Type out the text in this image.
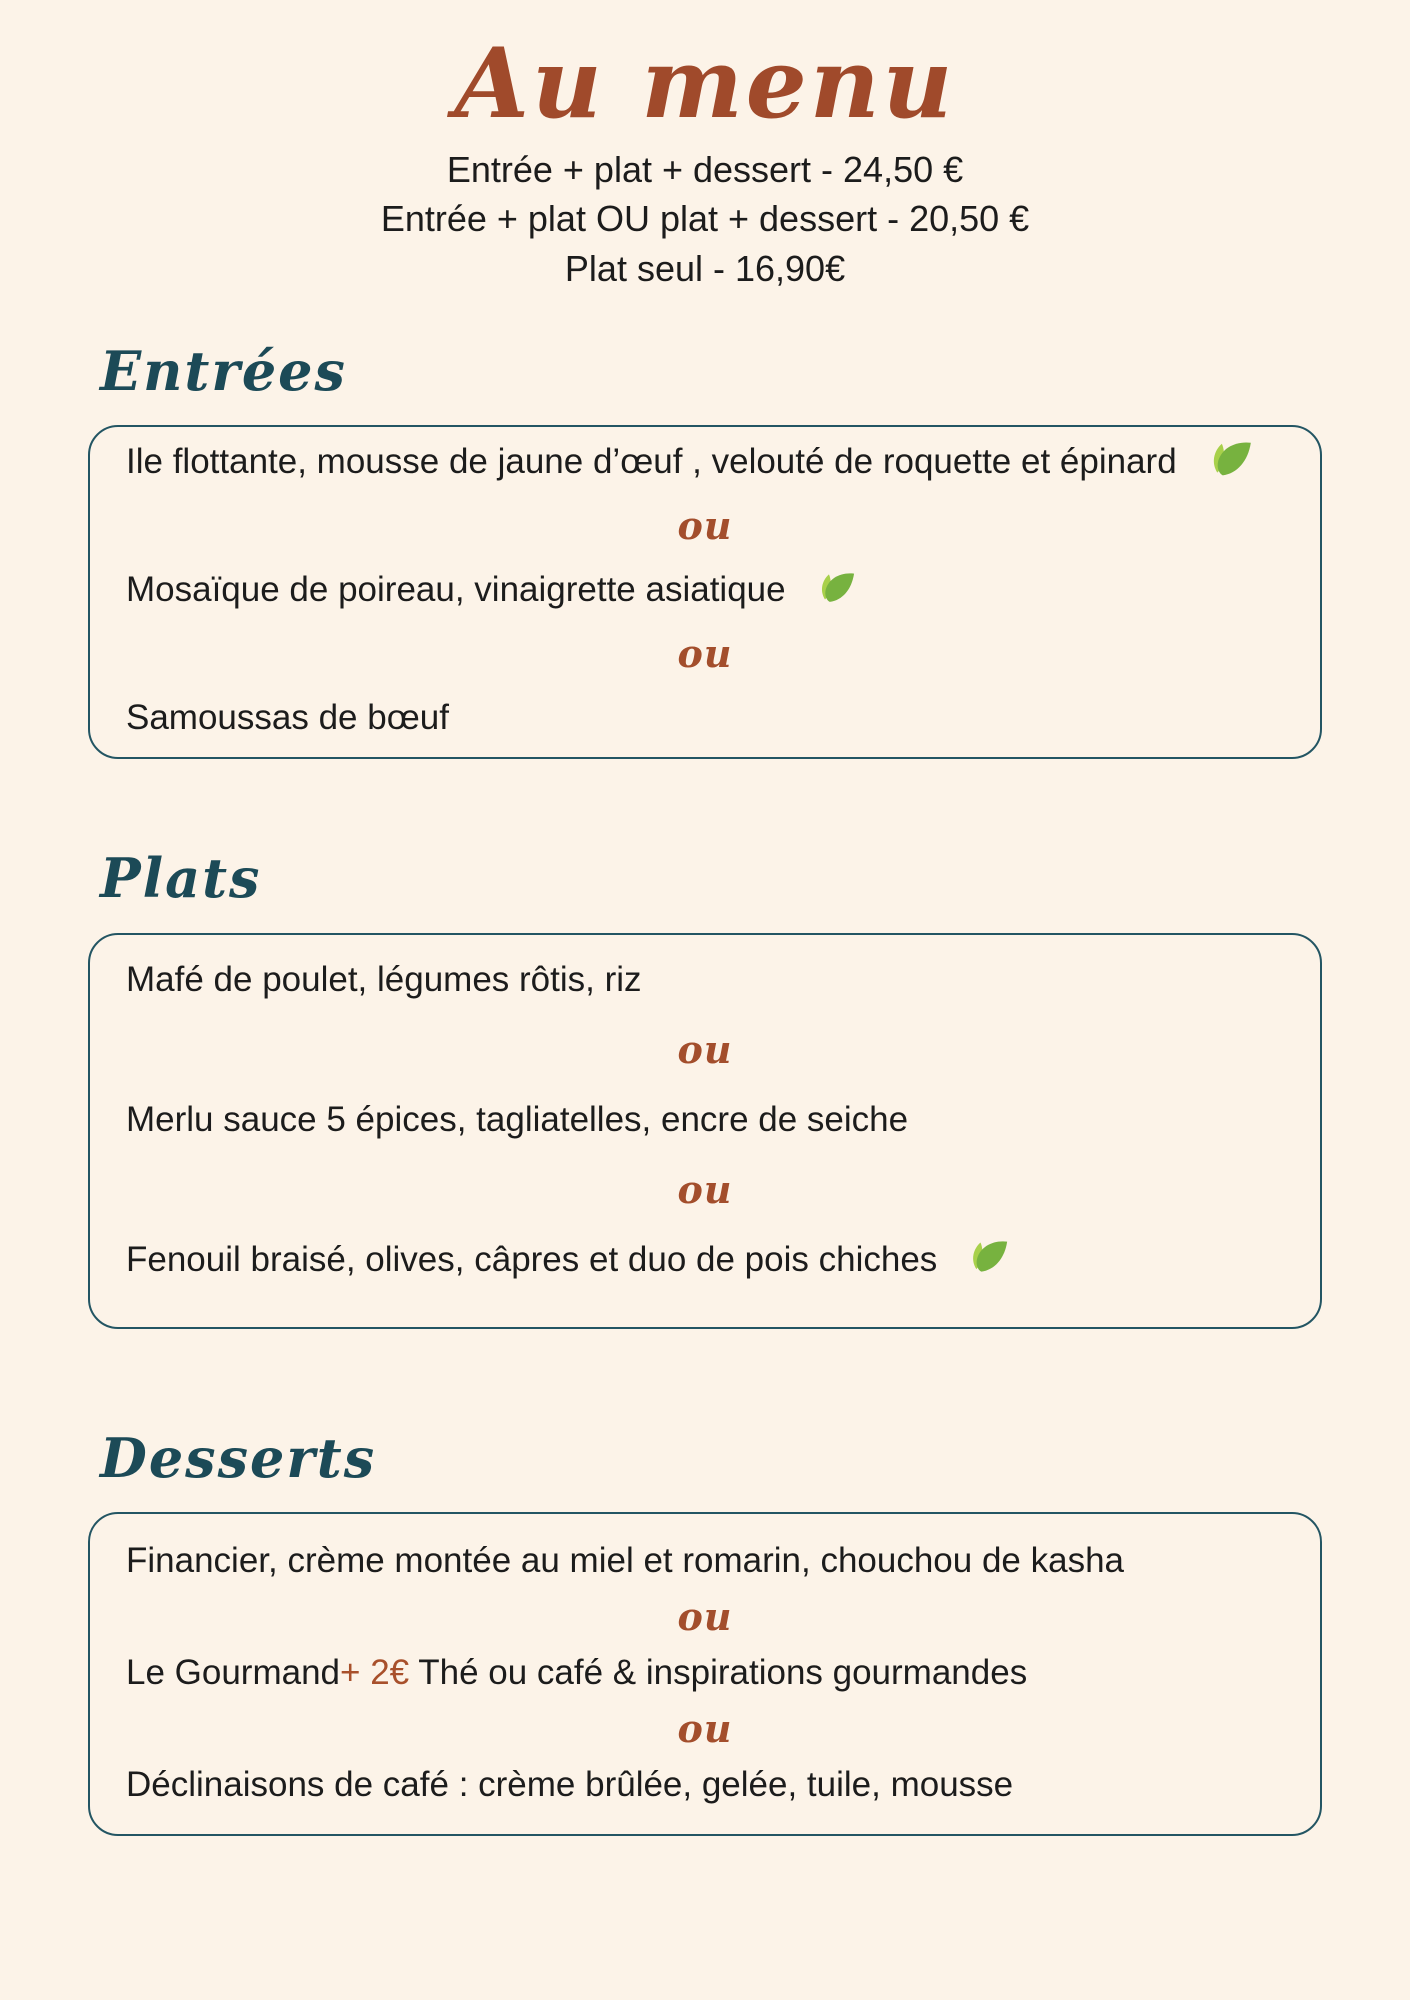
Au menu
Entrée + plat + dessert - 24,50 €
Entrée + plat OU plat + dessert - 20,50 €
Plat seul - 16,90€
Entrées
Ile flottante, mousse de jaune d’œuf , velouté de roquette et épinard
ou
Mosaïque de poireau, vinaigrette asiatique
ou
Samoussas de bœuf
Plats
Mafé de poulet, légumes rôtis, riz
ou
Merlu sauce 5 épices, tagliatelles, encre de seiche
ou
Fenouil braisé, olives, câpres et duo de pois chiches
Desserts
Financier, crème montée au miel et romarin, chouchou de kasha
ou
Le Gourmand + 2€ Thé ou café & inspirations gourmandes
ou
Déclinaisons de café : crème brûlée, gelée, tuile, mousse
